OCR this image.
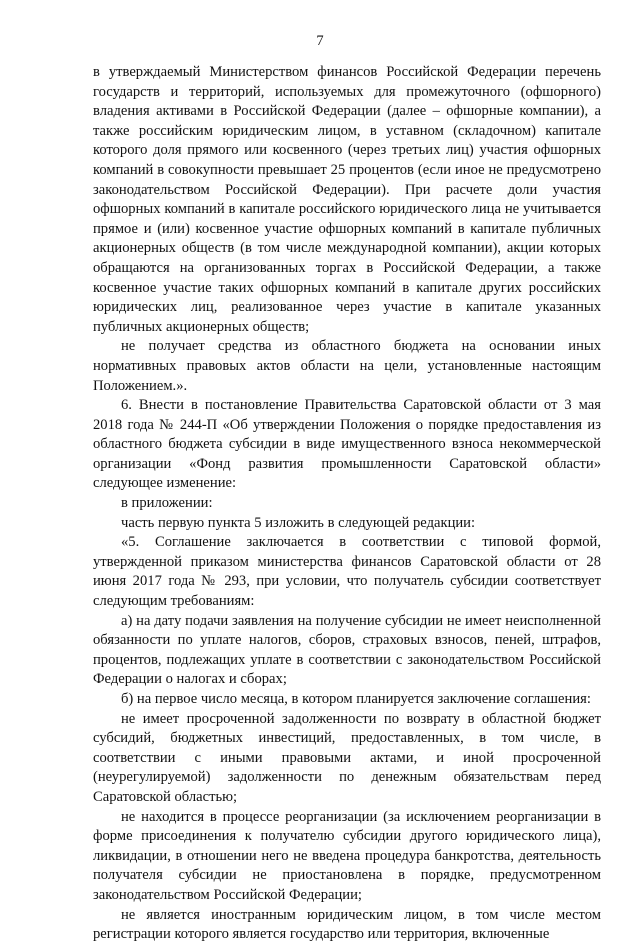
7

в утверждаемый Министерством финансов Российской Федерации перечень государств и территорий, используемых для промежуточного (офшорного) владения активами в Российской Федерации (далее – офшорные компании), а также российским юридическим лицом, в уставном (складочном) капитале которого доля прямого или косвенного (через третьих лиц) участия офшорных компаний в совокупности превышает 25 процентов (если иное не предусмотрено законодательством Российской Федерации). При расчете доли участия офшорных компаний в капитале российского юридического лица не учитывается прямое и (или) косвенное участие офшорных компаний в капитале публичных акционерных обществ (в том числе международной компании), акции которых обращаются на организованных торгах в Российской Федерации, а также косвенное участие таких офшорных компаний в капитале других российских юридических лиц, реализованное через участие в капитале указанных публичных акционерных обществ;

не получает средства из областного бюджета на основании иных нормативных правовых актов области на цели, установленные настоящим Положением.».

6. Внести в постановление Правительства Саратовской области от 3 мая 2018 года № 244-П «Об утверждении Положения о порядке предоставления из областного бюджета субсидии в виде имущественного взноса некоммерческой организации «Фонд развития промышленности Саратовской области» следующее изменение:

в приложении:

часть первую пункта 5 изложить в следующей редакции:

«5. Соглашение заключается в соответствии с типовой формой, утвержденной приказом министерства финансов Саратовской области от 28 июня 2017 года № 293, при условии, что получатель субсидии соответствует следующим требованиям:

а) на дату подачи заявления на получение субсидии не имеет неисполненной обязанности по уплате налогов, сборов, страховых взносов, пеней, штрафов, процентов, подлежащих уплате в соответствии с законодательством Российской Федерации о налогах и сборах;

б) на первое число месяца, в котором планируется заключение соглашения:

не имеет просроченной задолженности по возврату в областной бюджет субсидий, бюджетных инвестиций, предоставленных, в том числе, в соответствии с иными правовыми актами, и иной просроченной (неурегулируемой) задолженности по денежным обязательствам перед Саратовской областью;

не находится в процессе реорганизации (за исключением реорганизации в форме присоединения к получателю субсидии другого юридического лица), ликвидации, в отношении него не введена процедура банкротства, деятельность получателя субсидии не приостановлена в порядке, предусмотренном законодательством Российской Федерации;

не является иностранным юридическим лицом, в том числе местом регистрации которого является государство или территория, включенные
